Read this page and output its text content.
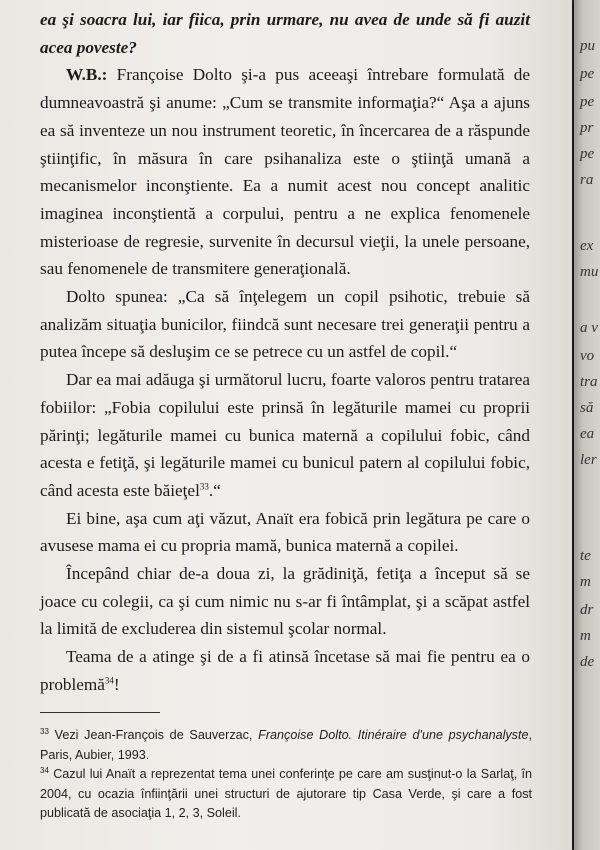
ea şi soacra lui, iar fiica, prin urmare, nu avea de unde să fi auzit acea poveste?

W.B.: Françoise Dolto şi-a pus aceeaşi întrebare formulată de dumneavoastră şi anume: „Cum se transmite informaţia?“ Aşa a ajuns ea să inventeze un nou instrument teoretic, în încercarea de a răspunde ştiinţific, în măsura în care psihanaliza este o ştiinţă umană a mecanismelor inconştiente. Ea a numit acest nou concept analitic imaginea inconştientă a corpului, pentru a ne explica fenomenele misterioase de regresie, survenite în decursul vieţii, la unele persoane, sau fenomenele de transmitere generaţională.

Dolto spunea: „Ca să înţelegem un copil psihotic, trebuie să analizăm situaţia bunicilor, fiindcă sunt necesare trei generaţii pentru a putea începe să desluşim ce se petrece cu un astfel de copil.“

Dar ea mai adăuga şi următorul lucru, foarte valoros pentru tratarea fobiilor: „Fobia copilului este prinsă în legăturile mamei cu proprii părinţi; legăturile mamei cu bunica maternă a copilului fobic, când acesta e fetiţă, şi legăturile mamei cu bunicul patern al copilului fobic, când acesta este băieţel$^{33}$.“

Ei bine, aşa cum aţi văzut, Anaït era fobică prin legătura pe care o avusese mama ei cu propria mamă, bunica maternă a copilei.

Începând chiar de-a doua zi, la grădiniţă, fetiţa a început să se joace cu colegii, ca şi cum nimic nu s-ar fi întâmplat, şi a scăpat astfel la limită de excluderea din sistemul şcolar normal.

Teama de a atinge şi de a fi atinsă încetase să mai fie pentru ea o problemă$^{34}$!

$^{33}$ Vezi Jean-François de Sauverzac, Françoise Dolto. Itinéraire d'une psychanalyste, Paris, Aubier, 1993.

$^{34}$ Cazul lui Anaït a reprezentat tema unei conferinţe pe care am susţinut-o la Sarlaţ, în 2004, cu ocazia înfiinţării unei structuri de ajutorare tip Casa Verde, şi care a fost publicată de asociaţia 1, 2, 3, Soleil.

pu
pe
pe
pr
pe
ra
ex
mu
a v
vo
tra
să
ea
ler
te
m
dr
m
de
